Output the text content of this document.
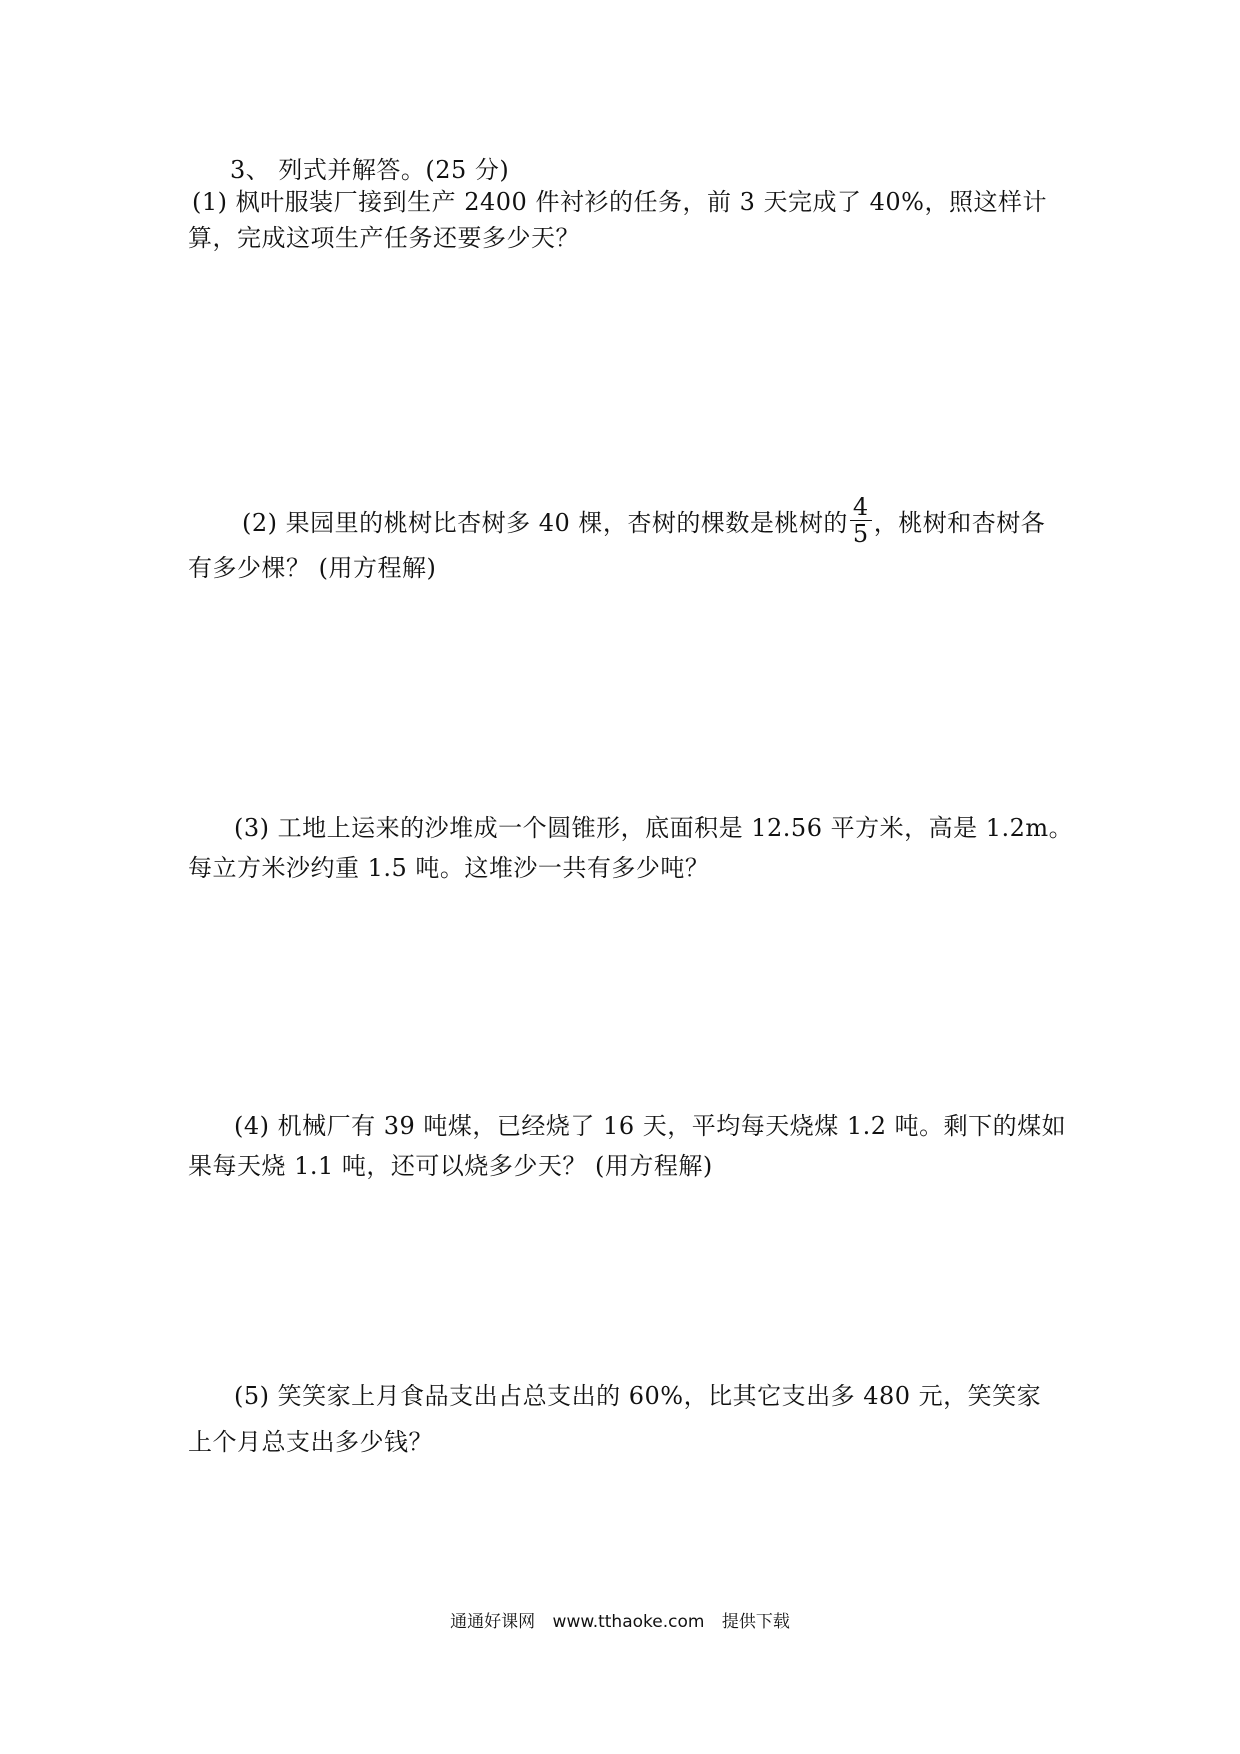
3、 列式并解答。(25 分)
(1) 枫叶服装厂接到生产 2400 件衬衫的任务，前 3 天完成了 40%，照这样计
算，完成这项生产任务还要多少天？
(2) 果园里的桃树比杏树多 40 棵，杏树的棵数是桃树的 $\frac{4}{5}$ ，桃树和杏树各
有多少棵？ (用方程解)
(3) 工地上运来的沙堆成一个圆锥形，底面积是 12.56 平方米，高是 1.2m。
每立方米沙约重 1.5 吨。这堆沙一共有多少吨？
(4) 机械厂有 39 吨煤，已经烧了 16 天，平均每天烧煤 1.2 吨。剩下的煤如
果每天烧 1.1 吨，还可以烧多少天？ (用方程解)
(5) 笑笑家上月食品支出占总支出的 60%，比其它支出多 480 元，笑笑家
上个月总支出多少钱？
通通好课网 www.tthaoke.com 提供下载
